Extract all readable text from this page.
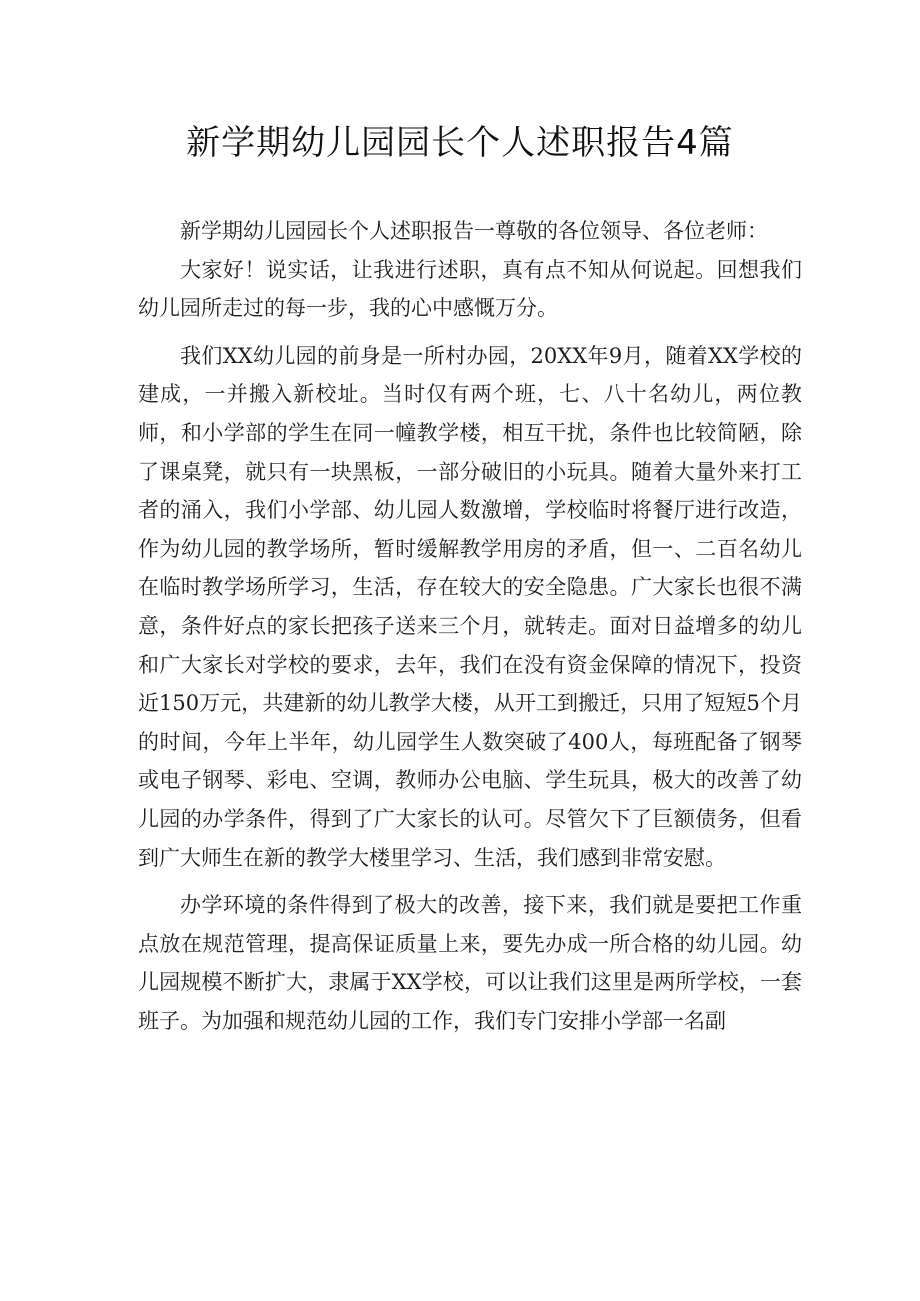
新学期幼儿园园长个人述职报告4篇

新学期幼儿园园长个人述职报告一尊敬的各位领导、各位老师：

大家好！说实话，让我进行述职，真有点不知从何说起。回想我们幼儿园所走过的每一步，我的心中感慨万分。

我们XX幼儿园的前身是一所村办园，20XX年9月，随着XX学校的建成，一并搬入新校址。当时仅有两个班，七、八十名幼儿，两位教师，和小学部的学生在同一幢教学楼，相互干扰，条件也比较简陋，除了课桌凳，就只有一块黑板，一部分破旧的小玩具。随着大量外来打工者的涌入，我们小学部、幼儿园人数激增，学校临时将餐厅进行改造，作为幼儿园的教学场所，暂时缓解教学用房的矛盾，但一、二百名幼儿在临时教学场所学习，生活，存在较大的安全隐患。广大家长也很不满意，条件好点的家长把孩子送来三个月，就转走。面对日益增多的幼儿和广大家长对学校的要求，去年，我们在没有资金保障的情况下，投资近150万元，共建新的幼儿教学大楼，从开工到搬迁，只用了短短5个月的时间，今年上半年，幼儿园学生人数突破了400人，每班配备了钢琴或电子钢琴、彩电、空调，教师办公电脑、学生玩具，极大的改善了幼儿园的办学条件，得到了广大家长的认可。尽管欠下了巨额债务，但看到广大师生在新的教学大楼里学习、生活，我们感到非常安慰。

办学环境的条件得到了极大的改善，接下来，我们就是要把工作重点放在规范管理，提高保证质量上来，要先办成一所合格的幼儿园。幼儿园规模不断扩大，隶属于XX学校，可以让我们这里是两所学校，一套班子。为加强和规范幼儿园的工作，我们专门安排小学部一名副
